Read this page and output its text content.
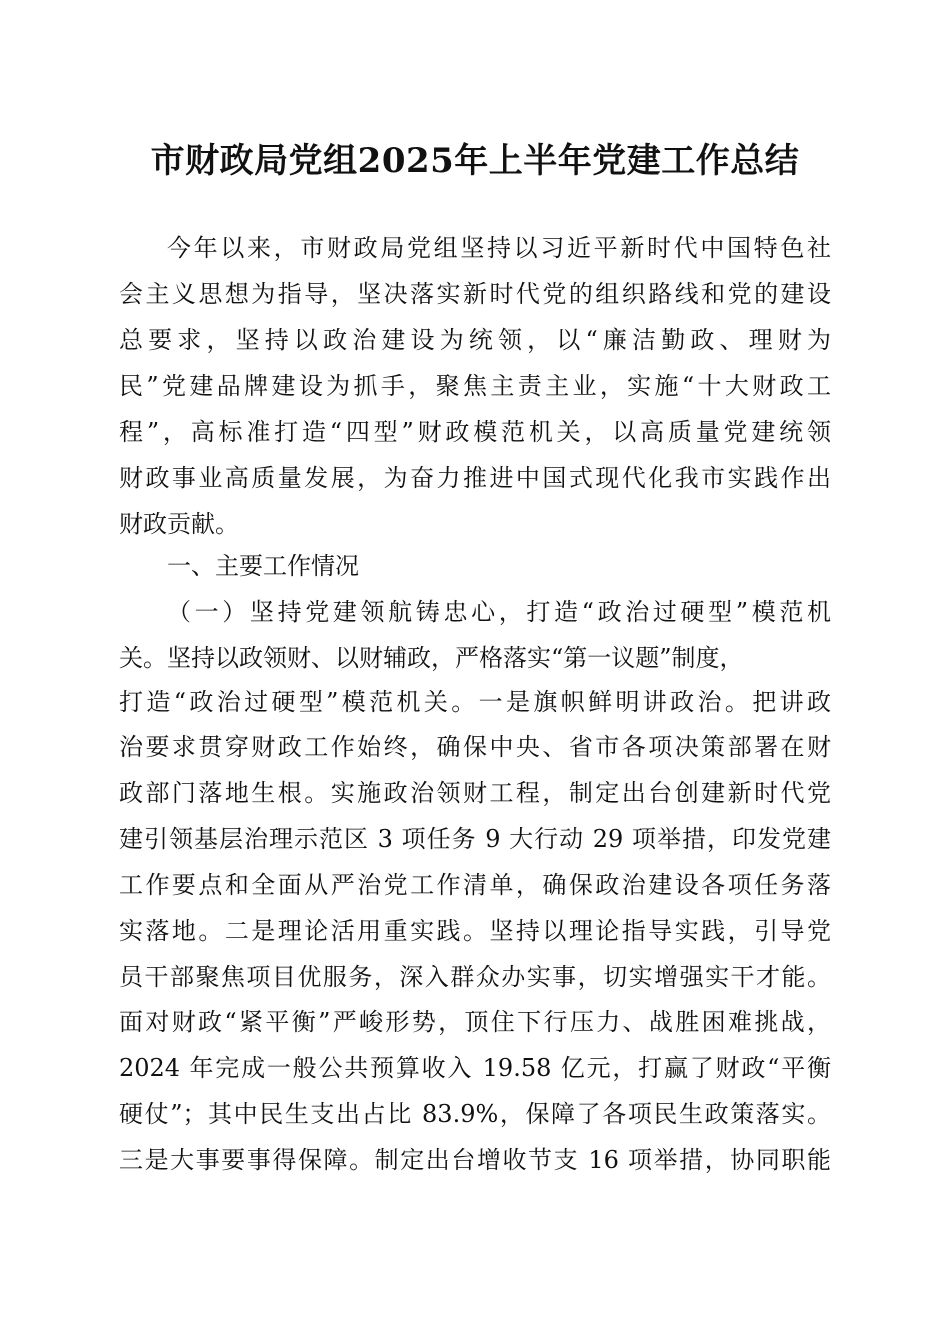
市财政局党组2025年上半年党建工作总结
今年以来，市财政局党组坚持以习近平新时代中国特色社
会主义思想为指导，坚决落实新时代党的组织路线和党的建设
总要求，坚持以政治建设为统领，以“廉洁勤政、理财为
民”党建品牌建设为抓手，聚焦主责主业，实施“十大财政工
程”，高标准打造“四型”财政模范机关，以高质量党建统领
财政事业高质量发展，为奋力推进中国式现代化我市实践作出
财政贡献。
一、主要工作情况
（一）坚持党建领航铸忠心，打造“政治过硬型”模范机
关。坚持以政领财、以财辅政，严格落实“第一议题”制度，
打造“政治过硬型”模范机关。一是旗帜鲜明讲政治。把讲政
治要求贯穿财政工作始终，确保中央、省市各项决策部署在财
政部门落地生根。实施政治领财工程，制定出台创建新时代党
建引领基层治理示范区 3 项任务 9 大行动 29 项举措，印发党建
工作要点和全面从严治党工作清单，确保政治建设各项任务落
实落地。二是理论活用重实践。坚持以理论指导实践，引导党
员干部聚焦项目优服务，深入群众办实事，切实增强实干才能。
面对财政“紧平衡”严峻形势，顶住下行压力、战胜困难挑战，
2024 年完成一般公共预算收入 19.58 亿元，打赢了财政“平衡
硬仗”；其中民生支出占比 83.9%，保障了各项民生政策落实。
三是大事要事得保障。制定出台增收节支 16 项举措，协同职能
